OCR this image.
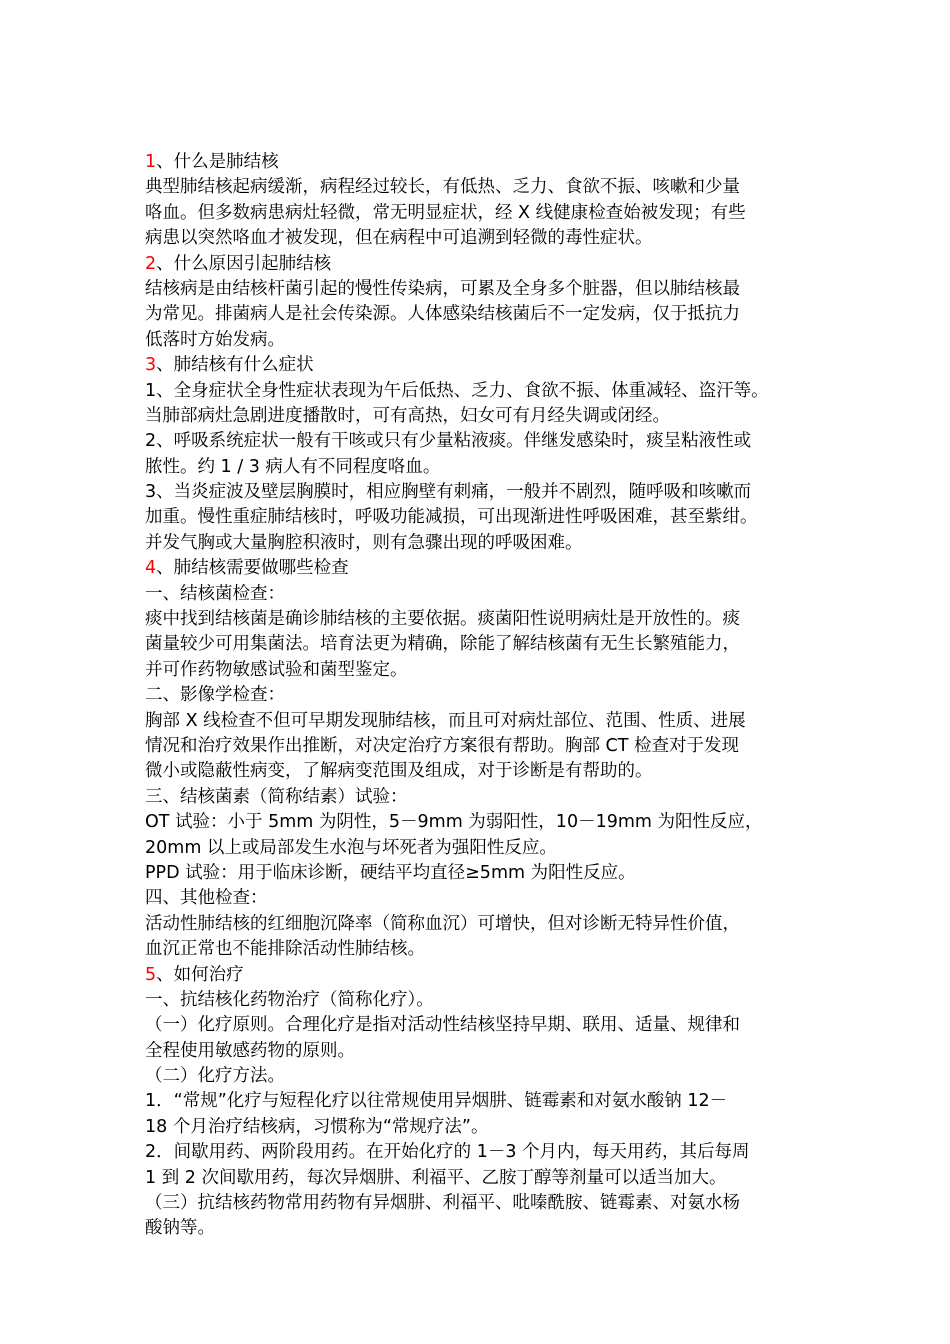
1、什么是肺结核
典型肺结核起病缓渐，病程经过较长，有低热、乏力、食欲不振、咳嗽和少量
咯血。但多数病患病灶轻微，常无明显症状，经 X 线健康检查始被发现；有些
病患以突然咯血才被发现，但在病程中可追溯到轻微的毒性症状。
2、什么原因引起肺结核
结核病是由结核杆菌引起的慢性传染病，可累及全身多个脏器，但以肺结核最
为常见。排菌病人是社会传染源。人体感染结核菌后不一定发病，仅于抵抗力
低落时方始发病。
3、肺结核有什么症状
1、全身症状全身性症状表现为午后低热、乏力、食欲不振、体重减轻、盗汗等。
当肺部病灶急剧进度播散时，可有高热，妇女可有月经失调或闭经。
2、呼吸系统症状一般有干咳或只有少量粘液痰。伴继发感染时，痰呈粘液性或
脓性。约 1 / 3 病人有不同程度咯血。
3、当炎症波及壁层胸膜时，相应胸壁有刺痛，一般并不剧烈，随呼吸和咳嗽而
加重。慢性重症肺结核时，呼吸功能减损，可出现渐进性呼吸困难，甚至紫绀。
并发气胸或大量胸腔积液时，则有急骤出现的呼吸困难。
4、肺结核需要做哪些检查
一、结核菌检查：
痰中找到结核菌是确诊肺结核的主要依据。痰菌阳性说明病灶是开放性的。痰
菌量较少可用集菌法。培育法更为精确，除能了解结核菌有无生长繁殖能力，
并可作药物敏感试验和菌型鉴定。
二、影像学检查：
胸部 X 线检查不但可早期发现肺结核，而且可对病灶部位、范围、性质、进展
情况和治疗效果作出推断，对决定治疗方案很有帮助。胸部 CT 检查对于发现
微小或隐蔽性病变，了解病变范围及组成，对于诊断是有帮助的。
三、结核菌素（简称结素）试验：
OT 试验：小于 5mm 为阴性，5－9mm 为弱阳性，10－19mm 为阳性反应，
20mm 以上或局部发生水泡与坏死者为强阳性反应。
PPD 试验：用于临床诊断，硬结平均直径≥5mm 为阳性反应。
四、其他检查：
活动性肺结核的红细胞沉降率（简称血沉）可增快，但对诊断无特异性价值，
血沉正常也不能排除活动性肺结核。
5、如何治疗
一、抗结核化药物治疗（简称化疗）。
（一）化疗原则。合理化疗是指对活动性结核坚持早期、联用、适量、规律和
全程使用敏感药物的原则。
（二）化疗方法。
1．“常规”化疗与短程化疗以往常规使用异烟肼、链霉素和对氨水酸钠 12－
18 个月治疗结核病，习惯称为“常规疗法”。
2．间歇用药、两阶段用药。在开始化疗的 1－3 个月内，每天用药，其后每周
1 到 2 次间歇用药，每次异烟肼、利福平、乙胺丁醇等剂量可以适当加大。
（三）抗结核药物常用药物有异烟肼、利福平、吡嗪酰胺、链霉素、对氨水杨
酸钠等。
